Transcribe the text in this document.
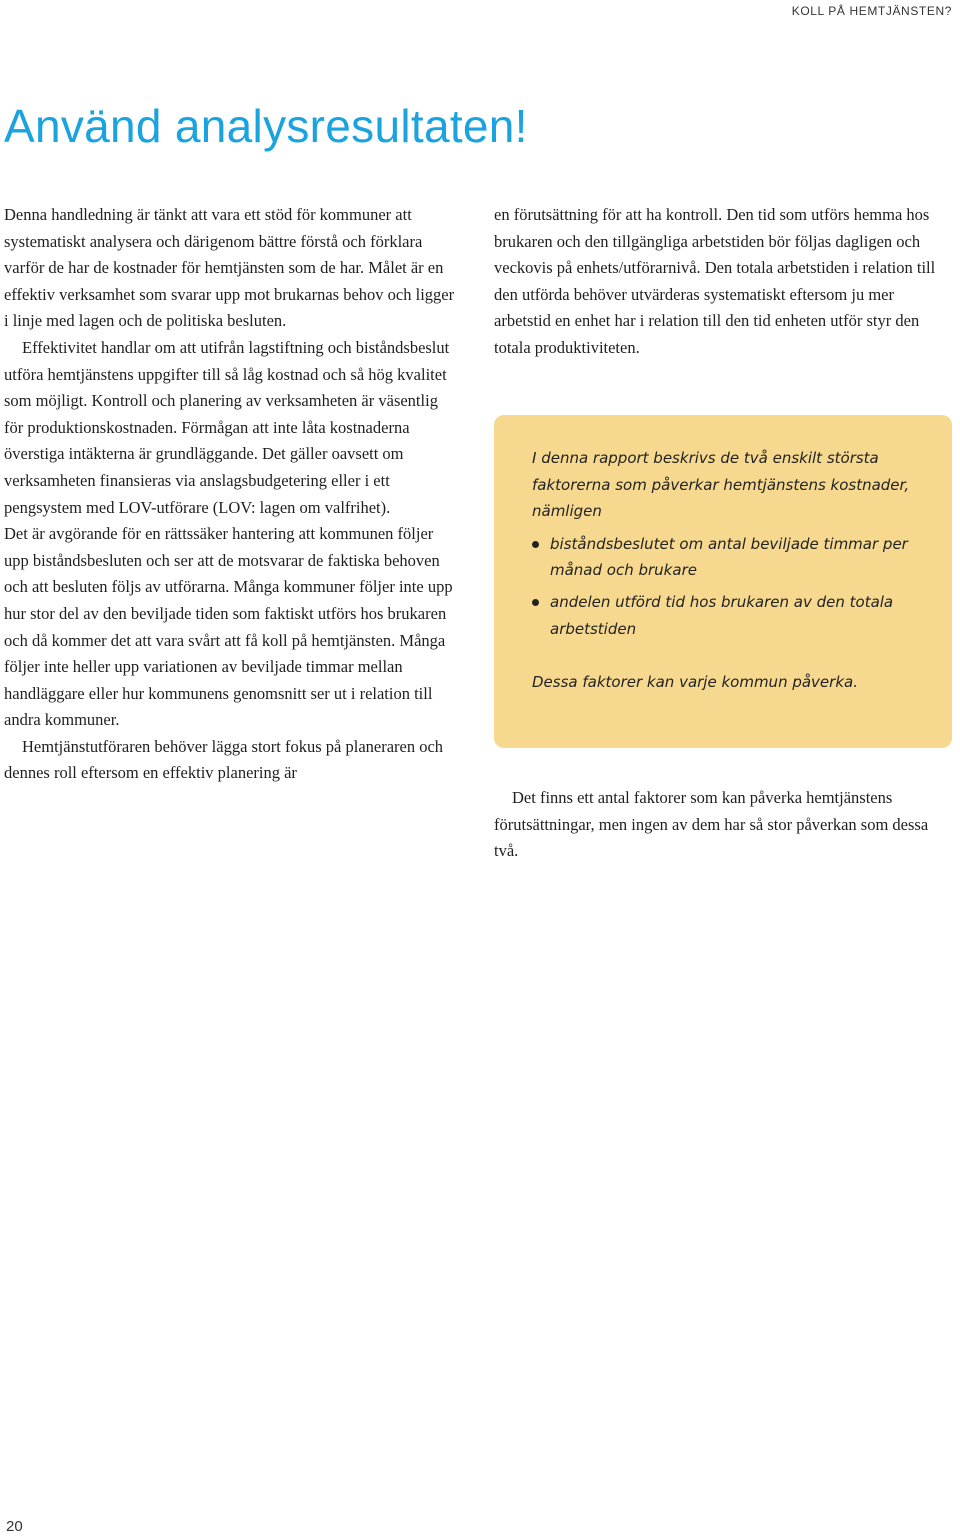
KOLL PÅ HEMTJÄNSTEN?
Använd analysresultaten!

Denna handledning är tänkt att vara ett stöd för kommuner att systematiskt analysera och därigenom bättre förstå och förklara varför de har de kostnader för hemtjänsten som de har. Målet är en effektiv verksamhet som svarar upp mot brukarnas behov och ligger i linje med lagen och de politiska besluten.

Effektivitet handlar om att utifrån lagstiftning och biståndsbeslut utföra hemtjänstens uppgifter till så låg kostnad och så hög kvalitet som möjligt. Kontroll och planering av verksamheten är väsentlig för produktionskostnaden. Förmågan att inte låta kostnaderna överstiga intäkterna är grundläggande. Det gäller oavsett om verksamheten finansieras via anslagsbudgetering eller i ett pengsystem med LOV-utförare (LOV: lagen om valfrihet).

Det är avgörande för en rättssäker hantering att kommunen följer upp biståndsbesluten och ser att de motsvarar de faktiska behoven och att besluten följs av utförarna. Många kommuner följer inte upp hur stor del av den beviljade tiden som faktiskt utförs hos brukaren och då kommer det att vara svårt att få koll på hemtjänsten. Många följer inte heller upp variationen av beviljade timmar mellan handläggare eller hur kommunens genomsnitt ser ut i relation till andra kommuner.

Hemtjänstutföraren behöver lägga stort fokus på planeraren och dennes roll eftersom en effektiv planering är

en förutsättning för att ha kontroll. Den tid som utförs hemma hos brukaren och den tillgängliga arbetstiden bör följas dagligen och veckovis på enhets/utförarnivå. Den totala arbetstiden i relation till den utförda behöver utvärderas systematiskt eftersom ju mer arbetstid en enhet har i relation till den tid enheten utför styr den totala produktiviteten.

I denna rapport beskrivs de två enskilt största faktorerna som påverkar hemtjänstens kostnader, nämligen

biståndsbeslutet om antal beviljade timmar per månad och brukare
andelen utförd tid hos brukaren av den totala arbetstiden

Dessa faktorer kan varje kommun påverka.

Det finns ett antal faktorer som kan påverka hemtjänstens förutsättningar, men ingen av dem har så stor påverkan som dessa två.

20
